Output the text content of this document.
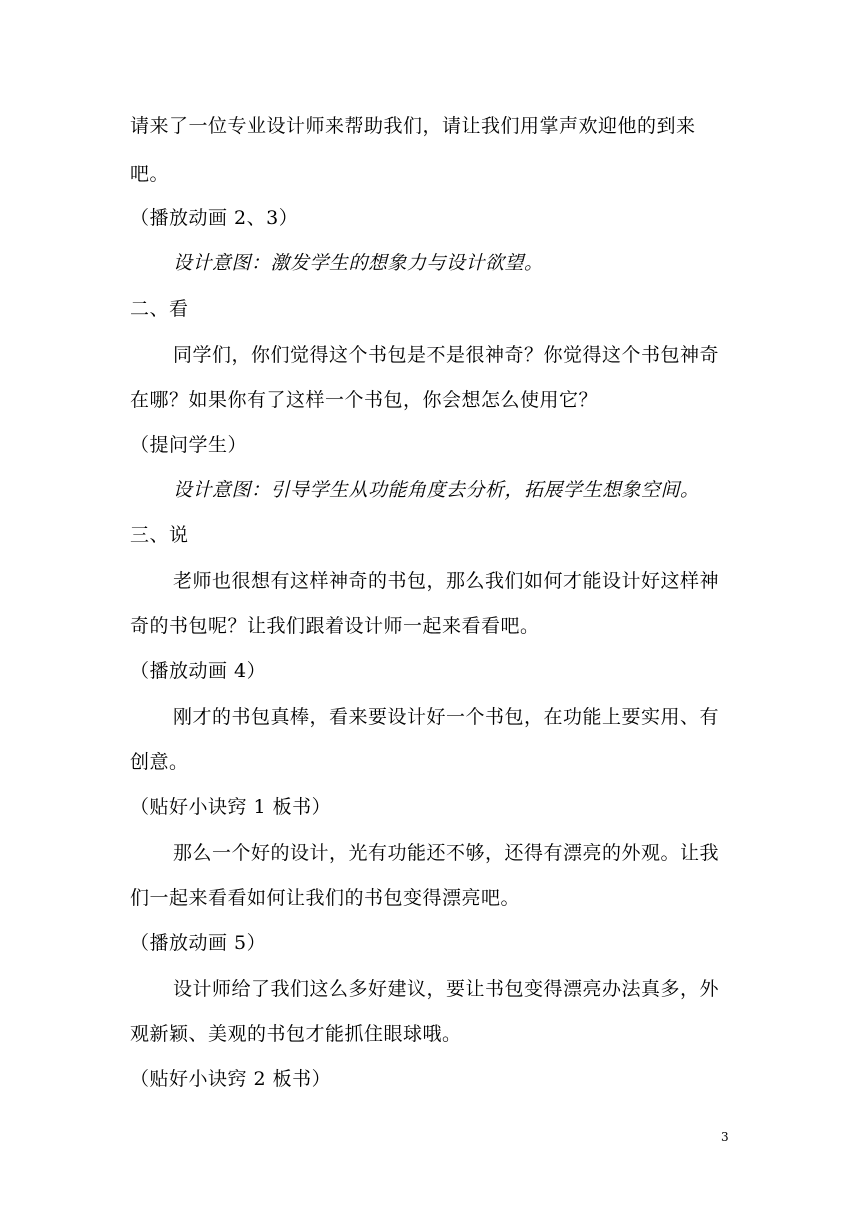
请来了一位专业设计师来帮助我们，请让我们用掌声欢迎他的到来
吧。
（播放动画 2、3）
设计意图：激发学生的想象力与设计欲望。
二、看
同学们，你们觉得这个书包是不是很神奇？你觉得这个书包神奇
在哪？如果你有了这样一个书包，你会想怎么使用它？
（提问学生）
设计意图：引导学生从功能角度去分析，拓展学生想象空间。
三、说
老师也很想有这样神奇的书包，那么我们如何才能设计好这样神
奇的书包呢？让我们跟着设计师一起来看看吧。
（播放动画 4）
刚才的书包真棒，看来要设计好一个书包，在功能上要实用、有
创意。
（贴好小诀窍 1 板书）
那么一个好的设计，光有功能还不够，还得有漂亮的外观。让我
们一起来看看如何让我们的书包变得漂亮吧。
（播放动画 5）
设计师给了我们这么多好建议，要让书包变得漂亮办法真多，外
观新颖、美观的书包才能抓住眼球哦。
（贴好小诀窍 2 板书）
3
